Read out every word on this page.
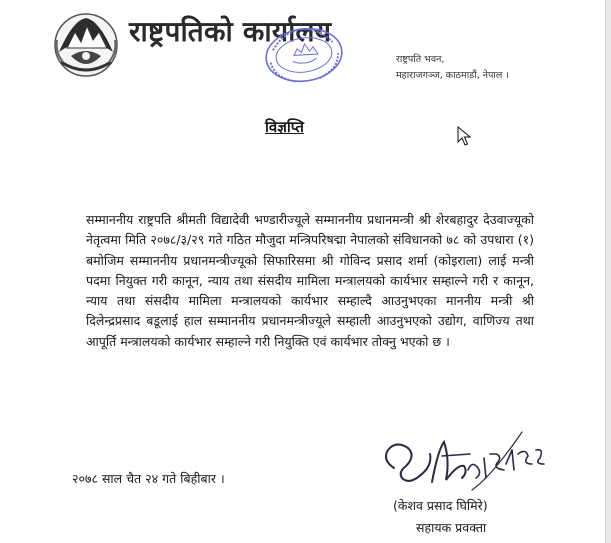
राष्ट्रपतिको कार्यालय
राष्ट्रपति भवन,
महाराजगञ्ज, काठमाडौं, नेपाल ।
विज्ञप्ति
सम्माननीय राष्ट्रपति श्रीमती विद्यादेवी भण्डारीज्यूले सम्माननीय प्रधानमन्त्री श्री शेरबहादुर देउवाज्यूको नेतृत्वमा मिति २०७८/३/२९ गते गठित मौजुदा मन्त्रिपरिषद्मा नेपालको संविधानको ७८ को उपधारा (१) बमोजिम सम्माननीय प्रधानमन्त्रीज्यूको सिफारिसमा श्री गोविन्द प्रसाद शर्मा (कोइराला) लाई मन्त्री पदमा नियुक्त गरी कानून, न्याय तथा संसदीय मामिला मन्त्रालयको कार्यभार सम्हाल्ने गरी र कानून, न्याय तथा संसदीय मामिला मन्त्रालयको कार्यभार सम्हाल्दै आउनुभएका माननीय मन्त्री श्री दिलेन्द्रप्रसाद बडूलाई हाल सम्माननीय प्रधानमन्त्रीज्यूले सम्हाली आउनुभएको उद्योग, वाणिज्य तथा आपूर्ति मन्त्रालयको कार्यभार सम्हाल्ने गरी नियुक्ति एवं कार्यभार तोक्नु भएको छ ।
२०७८ साल चैत २४ गते बिहीबार ।
(केशव प्रसाद घिमिरे)
सहायक प्रवक्ता
